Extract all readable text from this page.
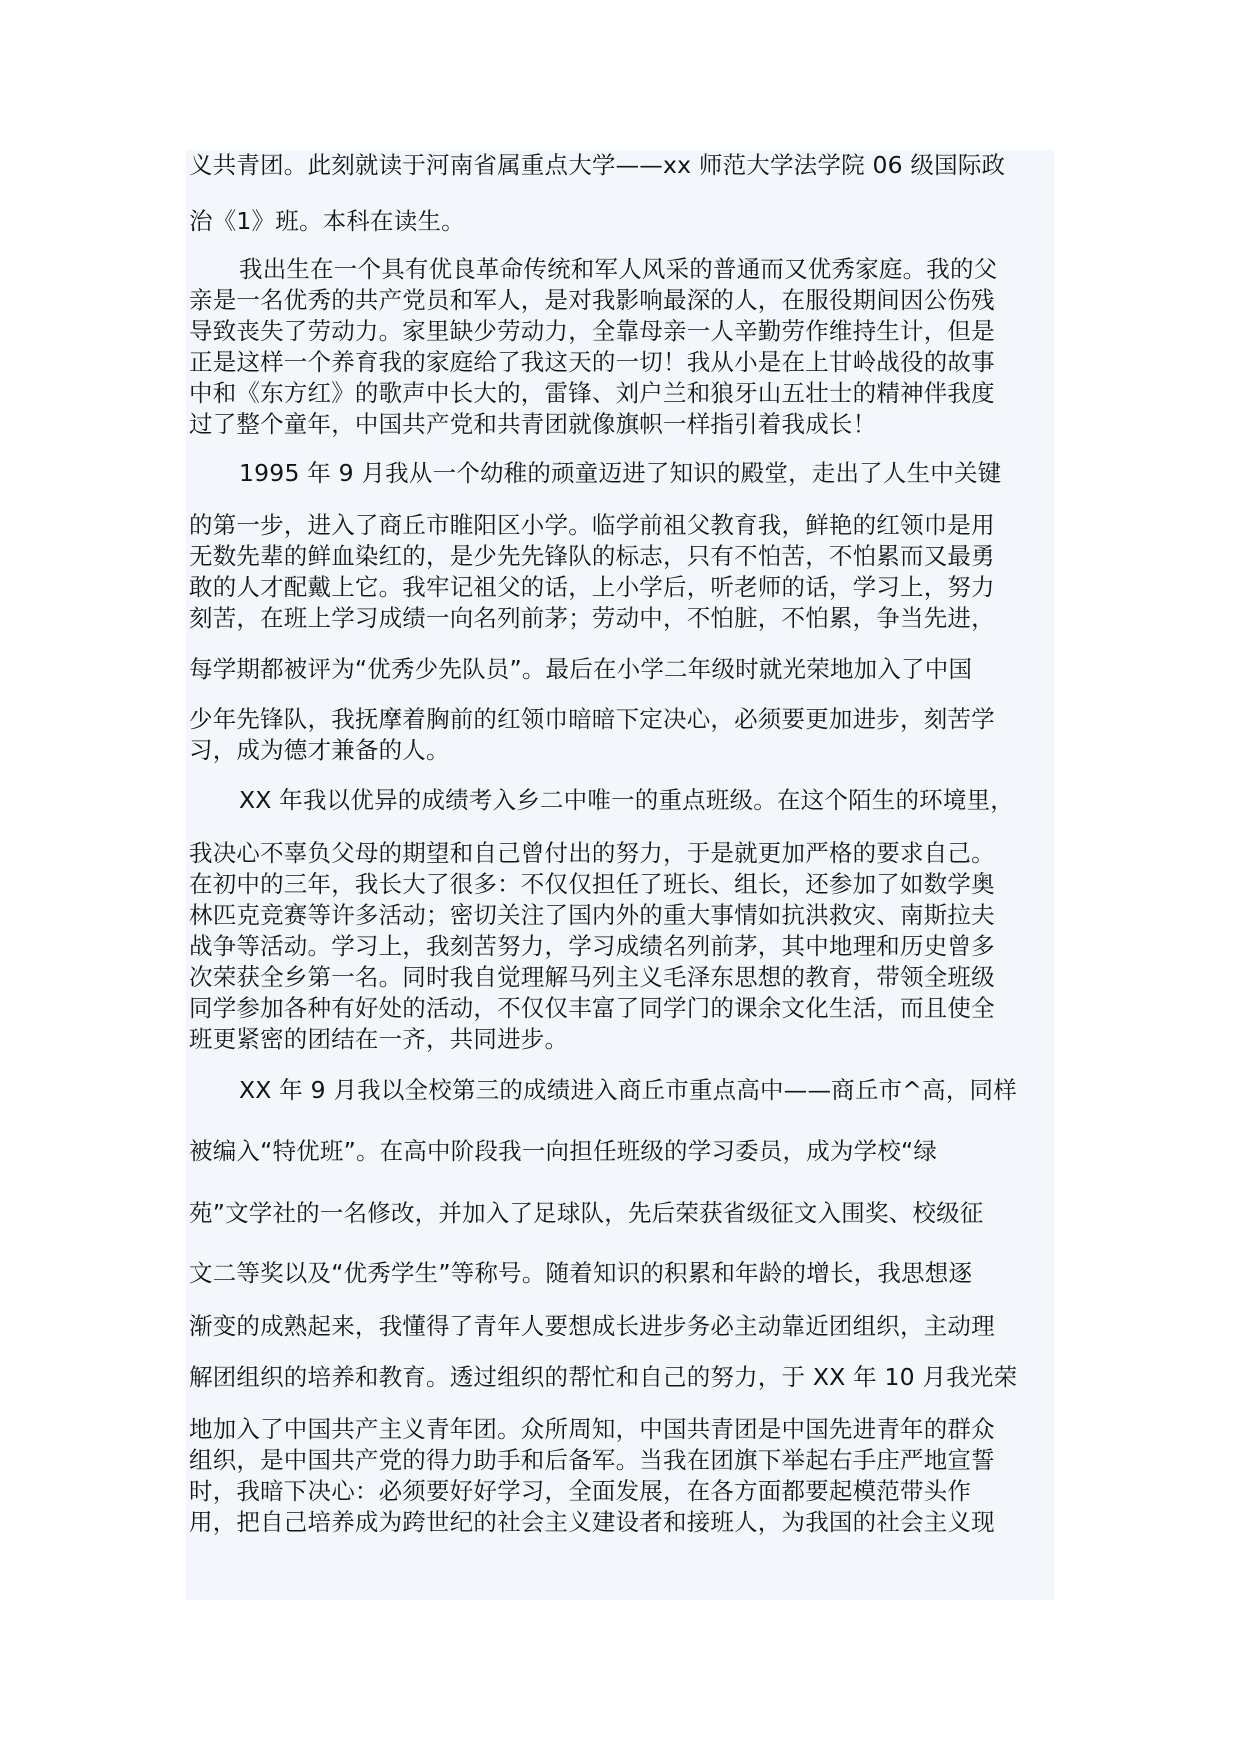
义共青团。此刻就读于河南省属重点大学——xx 师范大学法学院 06 级国际政

治《1》班。本科在读生。

我出生在一个具有优良革命传统和军人风采的普通而又优秀家庭。我的父

亲是一名优秀的共产党员和军人，是对我影响最深的人，在服役期间因公伤残

导致丧失了劳动力。家里缺少劳动力，全靠母亲一人辛勤劳作维持生计，但是

正是这样一个养育我的家庭给了我这天的一切！我从小是在上甘岭战役的故事

中和《东方红》的歌声中长大的，雷锋、刘户兰和狼牙山五壮士的精神伴我度

过了整个童年，中国共产党和共青团就像旗帜一样指引着我成长！

1995 年 9 月我从一个幼稚的顽童迈进了知识的殿堂，走出了人生中关键

的第一步，进入了商丘市睢阳区小学。临学前祖父教育我，鲜艳的红领巾是用

无数先辈的鲜血染红的，是少先先锋队的标志，只有不怕苦，不怕累而又最勇

敢的人才配戴上它。我牢记祖父的话，上小学后，听老师的话，学习上，努力

刻苦，在班上学习成绩一向名列前茅；劳动中，不怕脏，不怕累，争当先进，

每学期都被评为“优秀少先队员”。最后在小学二年级时就光荣地加入了中国

少年先锋队，我抚摩着胸前的红领巾暗暗下定决心，必须要更加进步，刻苦学

习，成为德才兼备的人。

XX 年我以优异的成绩考入乡二中唯一的重点班级。在这个陌生的环境里，

我决心不辜负父母的期望和自己曾付出的努力，于是就更加严格的要求自己。

在初中的三年，我长大了很多：不仅仅担任了班长、组长，还参加了如数学奥

林匹克竞赛等许多活动；密切关注了国内外的重大事情如抗洪救灾、南斯拉夫

战争等活动。学习上，我刻苦努力，学习成绩名列前茅，其中地理和历史曾多

次荣获全乡第一名。同时我自觉理解马列主义毛泽东思想的教育，带领全班级

同学参加各种有好处的活动，不仅仅丰富了同学门的课余文化生活，而且使全

班更紧密的团结在一齐，共同进步。

XX 年 9 月我以全校第三的成绩进入商丘市重点高中——商丘市^高，同样

被编入“特优班”。在高中阶段我一向担任班级的学习委员，成为学校“绿

苑”文学社的一名修改，并加入了足球队，先后荣获省级征文入围奖、校级征

文二等奖以及“优秀学生”等称号。随着知识的积累和年龄的增长，我思想逐

渐变的成熟起来，我懂得了青年人要想成长进步务必主动靠近团组织，主动理

解团组织的培养和教育。透过组织的帮忙和自己的努力，于 XX 年 10 月我光荣

地加入了中国共产主义青年团。众所周知，中国共青团是中国先进青年的群众

组织，是中国共产党的得力助手和后备军。当我在团旗下举起右手庄严地宣誓

时，我暗下决心：必须要好好学习，全面发展，在各方面都要起模范带头作

用，把自己培养成为跨世纪的社会主义建设者和接班人，为我国的社会主义现
